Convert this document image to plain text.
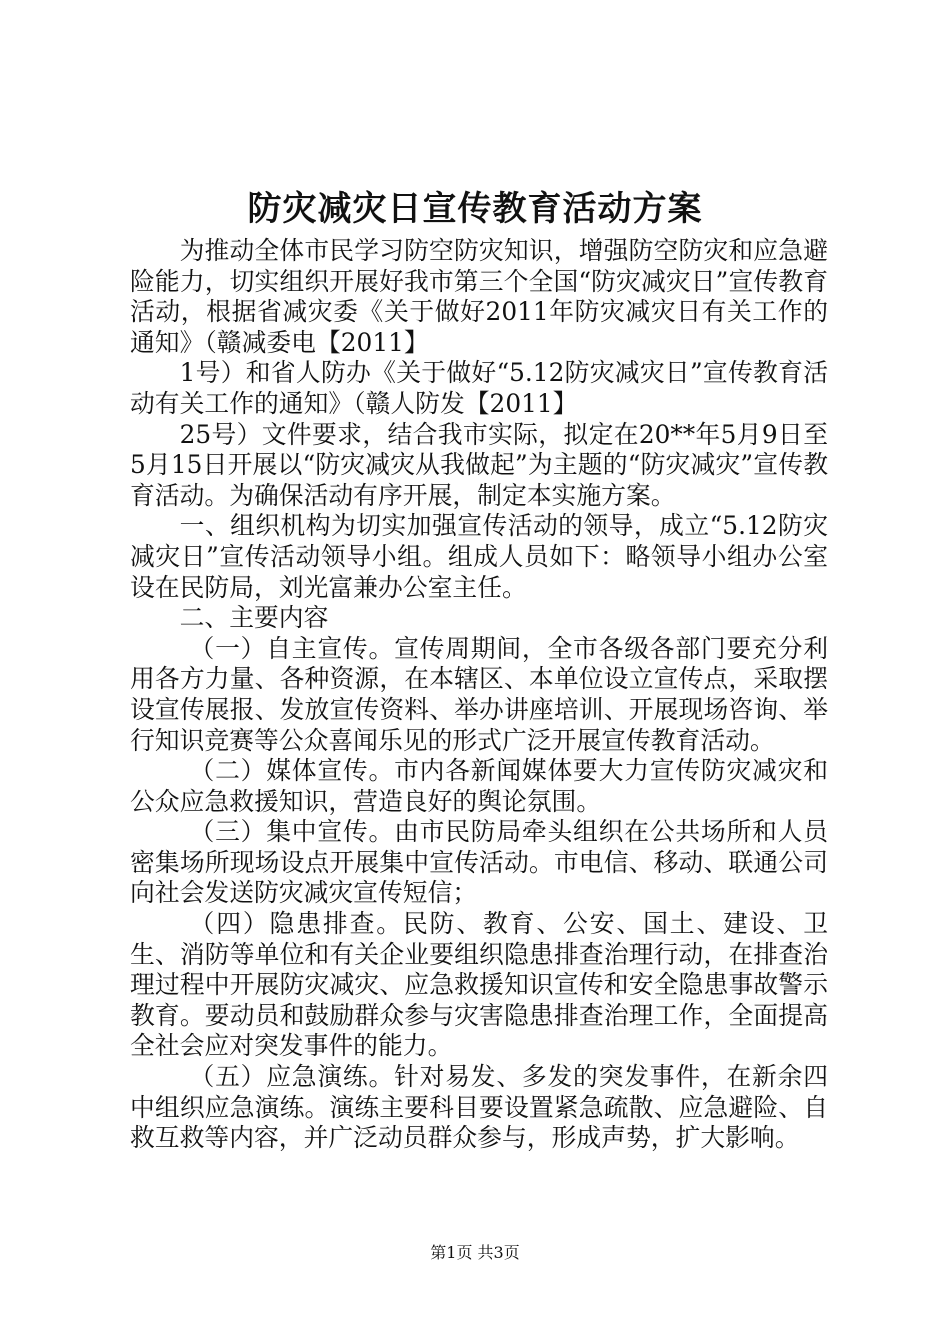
防灾减灾日宣传教育活动方案

为推动全体市民学习防空防灾知识，增强防空防灾和应急避险能力，切实组织开展好我市第三个全国“防灾减灾日”宣传教育活动，根据省减灾委《关于做好2011年防灾减灾日有关工作的通知》（赣减委电【2011】

1号）和省人防办《关于做好“5.12防灾减灾日”宣传教育活动有关工作的通知》（赣人防发【2011】

25号）文件要求，结合我市实际，拟定在20**年5月9日至5月15日开展以“防灾减灾从我做起”为主题的“防灾减灾”宣传教育活动。为确保活动有序开展，制定本实施方案。

一、组织机构为切实加强宣传活动的领导，成立“5.12防灾减灾日”宣传活动领导小组。组成人员如下：略领导小组办公室设在民防局，刘光富兼办公室主任。

二、主要内容

（一）自主宣传。宣传周期间，全市各级各部门要充分利用各方力量、各种资源，在本辖区、本单位设立宣传点，采取摆设宣传展报、发放宣传资料、举办讲座培训、开展现场咨询、举行知识竞赛等公众喜闻乐见的形式广泛开展宣传教育活动。

（二）媒体宣传。市内各新闻媒体要大力宣传防灾减灾和公众应急救援知识，营造良好的舆论氛围。

（三）集中宣传。由市民防局牵头组织在公共场所和人员密集场所现场设点开展集中宣传活动。市电信、移动、联通公司向社会发送防灾减灾宣传短信；

（四）隐患排查。民防、教育、公安、国土、建设、卫生、消防等单位和有关企业要组织隐患排查治理行动，在排查治理过程中开展防灾减灾、应急救援知识宣传和安全隐患事故警示教育。要动员和鼓励群众参与灾害隐患排查治理工作，全面提高全社会应对突发事件的能力。

（五）应急演练。针对易发、多发的突发事件，在新余四中组织应急演练。演练主要科目要设置紧急疏散、应急避险、自救互救等内容，并广泛动员群众参与，形成声势，扩大影响。

第1页 共3页
